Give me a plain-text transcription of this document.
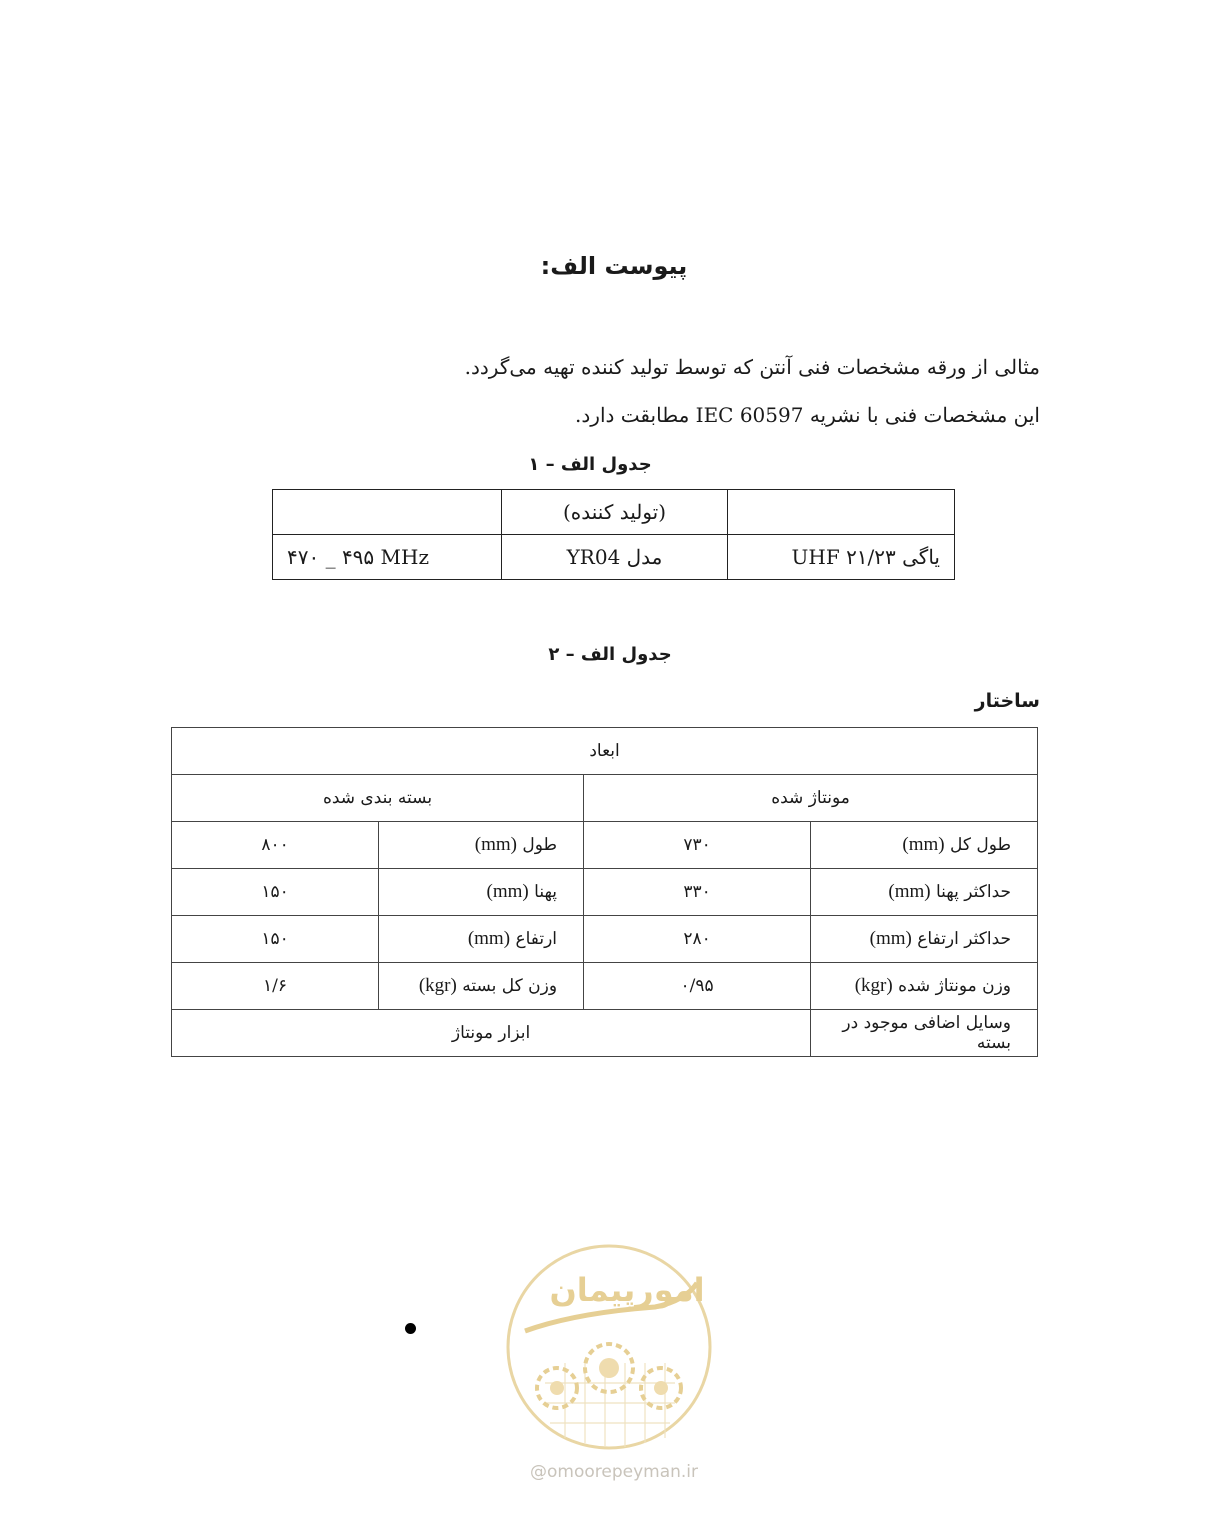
پیوست الف:
مثالی از ورقه مشخصات فنی آنتن که توسط تولید کننده تهیه می‌گردد.
این مشخصات فنی با نشریه IEC 60597 مطابقت دارد.
جدول الف – ۱
	(تولید کننده)	
یاگی UHF ۲۱/۲۳	مدل YR04	۴۷۰ _ ۴۹۵ MHz
جدول الف – ۲
ساختار
ابعاد			
مونتاژ شده		بسته بندی شده	
طول کل (mm)	۷۳۰	طول (mm)	۸۰۰
حداکثر پهنا (mm)	۳۳۰	پهنا (mm)	۱۵۰
حداکثر ارتفاع (mm)	۲۸۰	ارتفاع (mm)	۱۵۰
وزن مونتاژ شده (kgr)	۰/۹۵	وزن کل بسته (kgr)	۱/۶
وسایل اضافی موجود در بسته	ابزار مونتاژ		
امورپیمان
@omoorepeyman.ir
